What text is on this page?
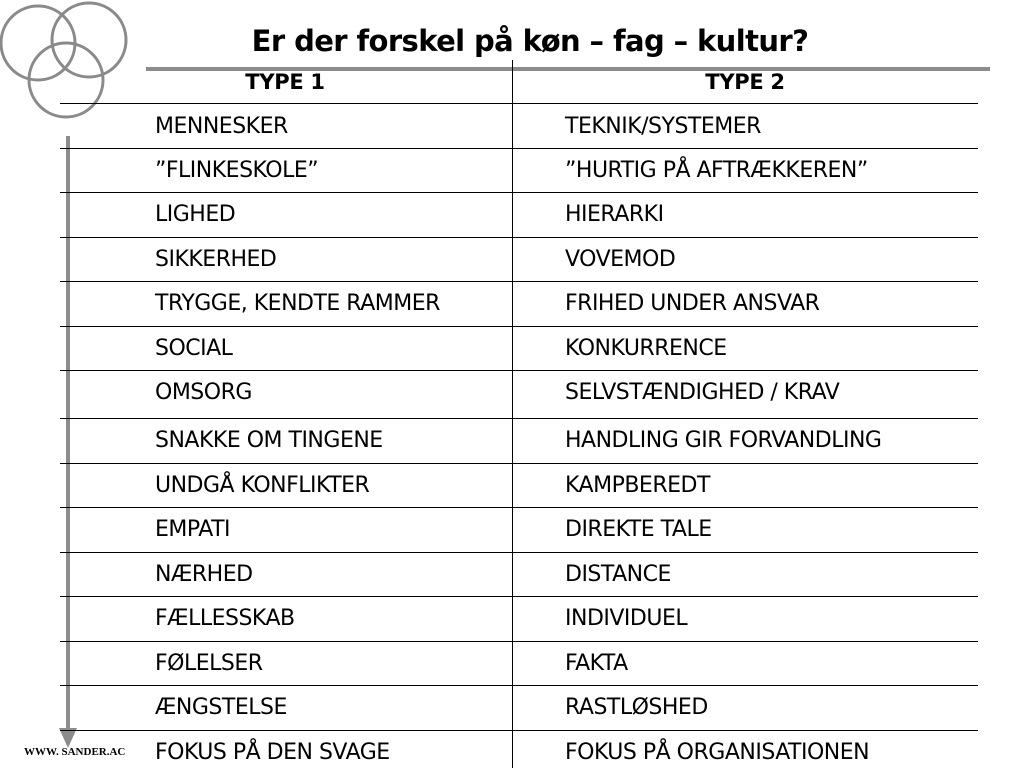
Er der forskel på køn – fag – kultur?
TYPE 1	TYPE 2
MENNESKER	TEKNIK/SYSTEMER
”FLINKESKOLE”	”HURTIG PÅ AFTRÆKKEREN”
LIGHED	HIERARKI
SIKKERHED	VOVEMOD
TRYGGE, KENDTE RAMMER	FRIHED UNDER ANSVAR
SOCIAL	KONKURRENCE
OMSORG	SELVSTÆNDIGHED / KRAV
SNAKKE OM TINGENE	HANDLING GIR FORVANDLING
UNDGÅ KONFLIKTER	KAMPBEREDT
EMPATI	DIREKTE TALE
NÆRHED	DISTANCE
FÆLLESSKAB	INDIVIDUEL
FØLELSER	FAKTA
ÆNGSTELSE	RASTLØSHED
FOKUS PÅ DEN SVAGE	FOKUS PÅ ORGANISATIONEN
WWW. SANDER.AC
